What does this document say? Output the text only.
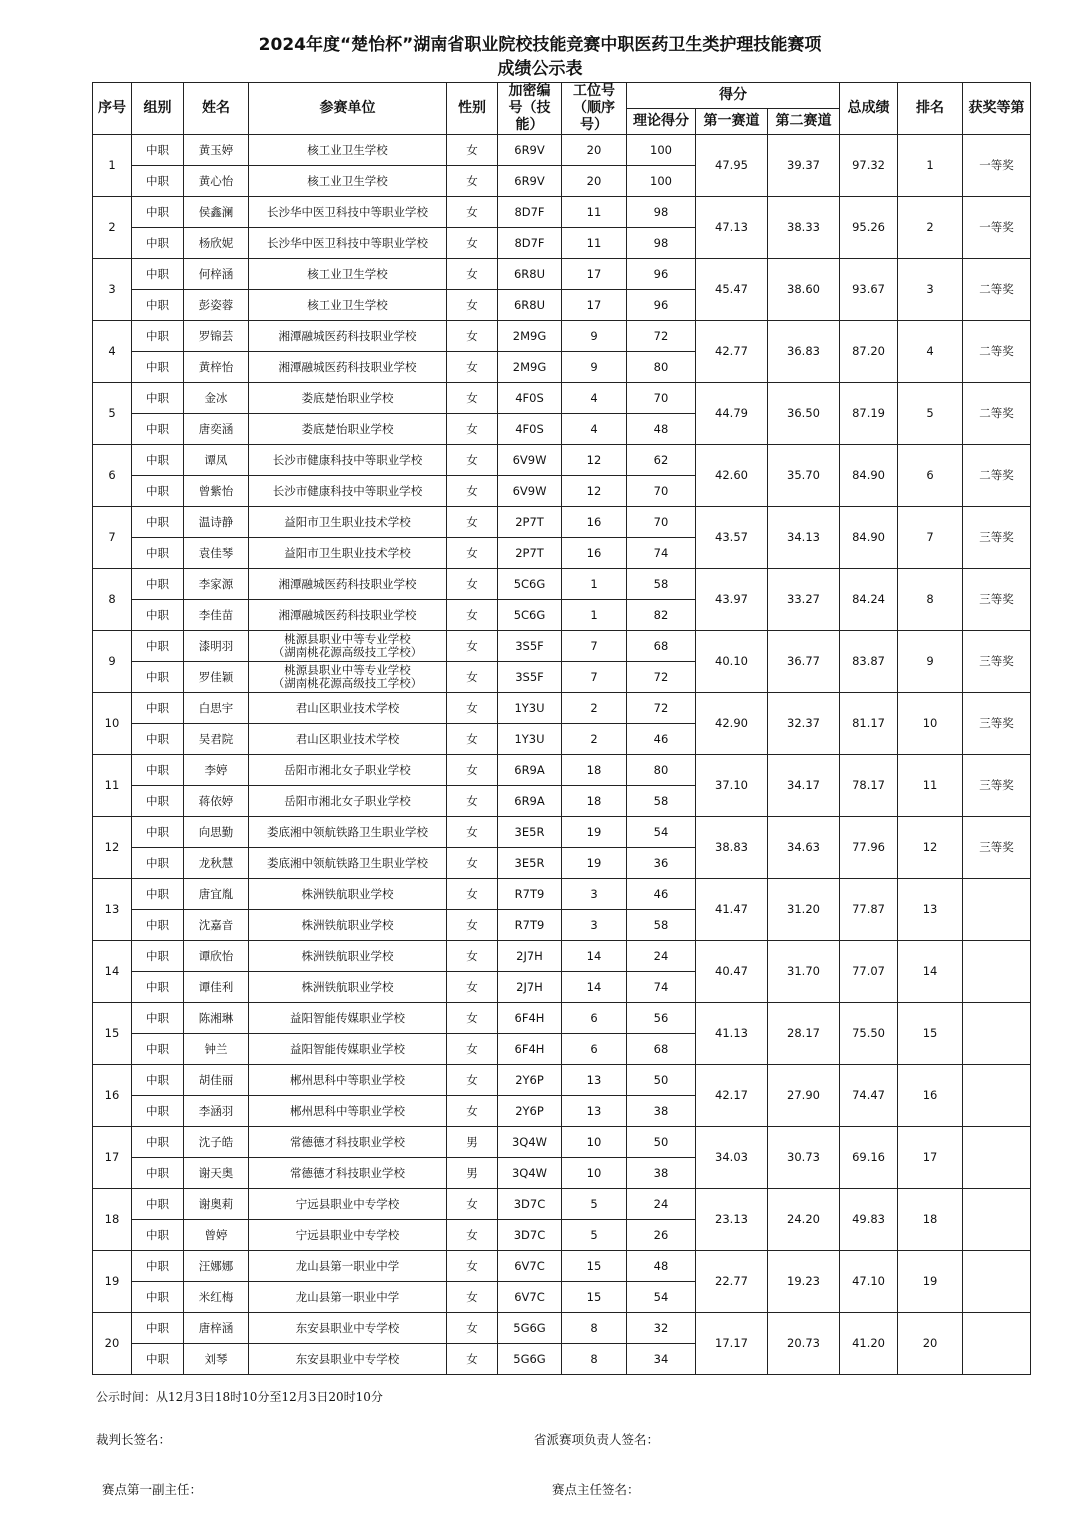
2024年度“楚怡杯”湖南省职业院校技能竞赛中职医药卫生类护理技能赛项
成绩公示表
序号	组别	姓名	参赛单位	性别	加密编号（技能）	工位号（顺序号）	得分			总成绩	排名	获奖等第
							理论得分	第一赛道	第二赛道			
1	中职	黄玉婷	核工业卫生学校	女	6R9V	20	100	47.95	39.37	97.32	1	一等奖
	中职	黄心怡	核工业卫生学校	女	6R9V	20	100					
2	中职	侯鑫澜	长沙华中医卫科技中等职业学校	女	8D7F	11	98	47.13	38.33	95.26	2	一等奖
	中职	杨欣妮	长沙华中医卫科技中等职业学校	女	8D7F	11	98					
3	中职	何梓涵	核工业卫生学校	女	6R8U	17	96	45.47	38.60	93.67	3	二等奖
	中职	彭姿蓉	核工业卫生学校	女	6R8U	17	96					
4	中职	罗锦芸	湘潭融城医药科技职业学校	女	2M9G	9	72	42.77	36.83	87.20	4	二等奖
	中职	黄梓怡	湘潭融城医药科技职业学校	女	2M9G	9	80					
5	中职	金冰	娄底楚怡职业学校	女	4F0S	4	70	44.79	36.50	87.19	5	二等奖
	中职	唐奕涵	娄底楚怡职业学校	女	4F0S	4	48					
6	中职	谭凤	长沙市健康科技中等职业学校	女	6V9W	12	62	42.60	35.70	84.90	6	二等奖
	中职	曾紫怡	长沙市健康科技中等职业学校	女	6V9W	12	70					
7	中职	温诗静	益阳市卫生职业技术学校	女	2P7T	16	70	43.57	34.13	84.90	7	三等奖
	中职	袁佳琴	益阳市卫生职业技术学校	女	2P7T	16	74					
8	中职	李家源	湘潭融城医药科技职业学校	女	5C6G	1	58	43.97	33.27	84.24	8	三等奖
	中职	李佳苗	湘潭融城医药科技职业学校	女	5C6G	1	82					
9	中职	漆明羽	桃源县职业中等专业学校
（湖南桃花源高级技工学校）	女	3S5F	7	68	40.10	36.77	83.87	9	三等奖
	中职	罗佳颖	桃源县职业中等专业学校
（湖南桃花源高级技工学校）	女	3S5F	7	72					
10	中职	白思宇	君山区职业技术学校	女	1Y3U	2	72	42.90	32.37	81.17	10	三等奖
	中职	吴君院	君山区职业技术学校	女	1Y3U	2	46					
11	中职	李婷	岳阳市湘北女子职业学校	女	6R9A	18	80	37.10	34.17	78.17	11	三等奖
	中职	蒋依婷	岳阳市湘北女子职业学校	女	6R9A	18	58					
12	中职	向思勤	娄底湘中领航铁路卫生职业学校	女	3E5R	19	54	38.83	34.63	77.96	12	三等奖
	中职	龙秋慧	娄底湘中领航铁路卫生职业学校	女	3E5R	19	36					
13	中职	唐宜胤	株洲铁航职业学校	女	R7T9	3	46	41.47	31.20	77.87	13	
	中职	沈嘉音	株洲铁航职业学校	女	R7T9	3	58					
14	中职	谭欣怡	株洲铁航职业学校	女	2J7H	14	24	40.47	31.70	77.07	14	
	中职	谭佳利	株洲铁航职业学校	女	2J7H	14	74					
15	中职	陈湘琳	益阳智能传媒职业学校	女	6F4H	6	56	41.13	28.17	75.50	15	
	中职	钟兰	益阳智能传媒职业学校	女	6F4H	6	68					
16	中职	胡佳丽	郴州思科中等职业学校	女	2Y6P	13	50	42.17	27.90	74.47	16	
	中职	李涵羽	郴州思科中等职业学校	女	2Y6P	13	38					
17	中职	沈子皓	常德德才科技职业学校	男	3Q4W	10	50	34.03	30.73	69.16	17	
	中职	谢天奥	常德德才科技职业学校	男	3Q4W	10	38					
18	中职	谢奥莉	宁远县职业中专学校	女	3D7C	5	24	23.13	24.20	49.83	18	
	中职	曾婷	宁远县职业中专学校	女	3D7C	5	26					
19	中职	汪娜娜	龙山县第一职业中学	女	6V7C	15	48	22.77	19.23	47.10	19	
	中职	米红梅	龙山县第一职业中学	女	6V7C	15	54					
20	中职	唐梓涵	东安县职业中专学校	女	5G6G	8	32	17.17	20.73	41.20	20	
	中职	刘琴	东安县职业中专学校	女	5G6G	8	34					
公示时间：从12月3日18时10分至12月3日20时10分
裁判长签名：	省派赛项负责人签名：
赛点第一副主任：	赛点主任签名：
